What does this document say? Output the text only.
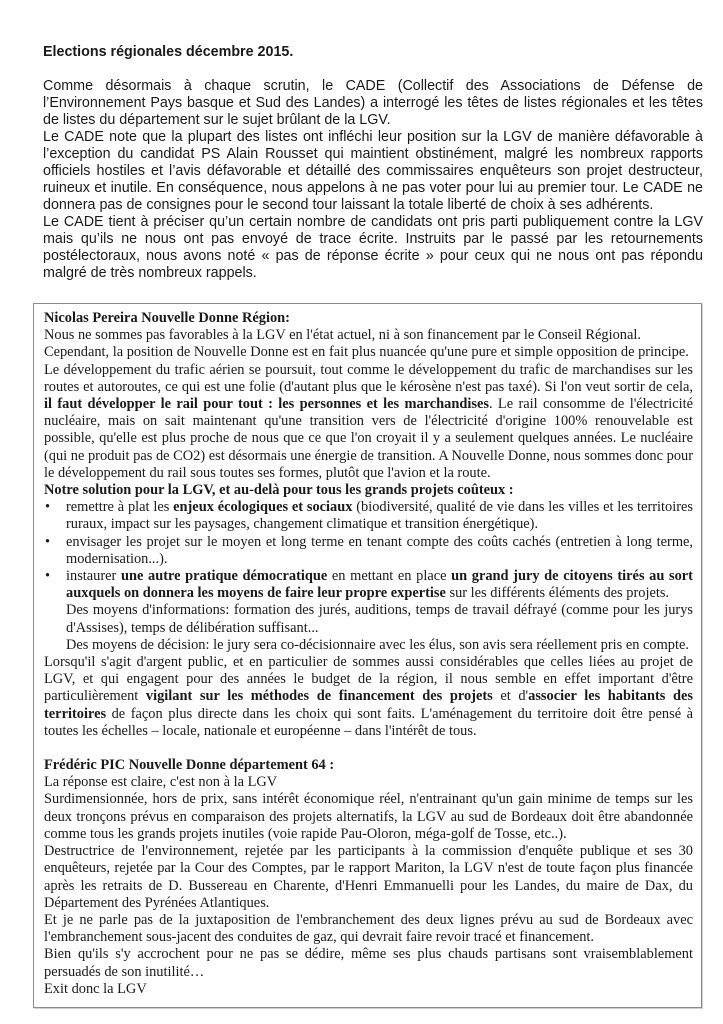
Elections régionales décembre 2015.

Comme désormais à chaque scrutin, le CADE (Collectif des Associations de Défense de l’Environnement Pays basque et Sud des Landes) a interrogé les têtes de listes régionales et les têtes de listes du département sur le sujet brûlant de la LGV.

Le CADE note que la plupart des listes ont infléchi leur position sur la LGV de manière défavorable à l’exception du candidat PS Alain Rousset qui maintient obstinément, malgré les nombreux rapports officiels hostiles et l’avis défavorable et détaillé des commissaires enquêteurs son projet destructeur, ruineux et inutile. En conséquence, nous appelons à ne pas voter pour lui au premier tour. Le CADE ne donnera pas de consignes pour le second tour laissant la totale liberté de choix à ses adhérents.

Le CADE tient à préciser qu’un certain nombre de candidats ont pris parti publiquement contre la LGV mais qu’ils ne nous ont pas envoyé de trace écrite. Instruits par le passé par les retournements postélectoraux, nous avons noté « pas de réponse écrite » pour ceux qui ne nous ont pas répondu malgré de très nombreux rappels.

Nicolas Pereira Nouvelle Donne Région:

Nous ne sommes pas favorables à la LGV en l'état actuel, ni à son financement par le Conseil Régional.

Cependant, la position de Nouvelle Donne est en fait plus nuancée qu'une pure et simple opposition de principe.

Le développement du trafic aérien se poursuit, tout comme le développement du trafic de marchandises sur les routes et autoroutes, ce qui est une folie (d'autant plus que le kérosène n'est pas taxé). Si l'on veut sortir de cela, il faut développer le rail pour tout : les personnes et les marchandises. Le rail consomme de l'électricité nucléaire, mais on sait maintenant qu'une transition vers de l'électricité d'origine 100% renouvelable est possible, qu'elle est plus proche de nous que ce que l'on croyait il y a seulement quelques années. Le nucléaire (qui ne produit pas de CO2) est désormais une énergie de transition. A Nouvelle Donne, nous sommes donc pour le développement du rail sous toutes ses formes, plutôt que l'avion et la route.

Notre solution pour la LGV, et au-delà pour tous les grands projets coûteux :

• remettre à plat les enjeux écologiques et sociaux (biodiversité, qualité de vie dans les villes et les territoires ruraux, impact sur les paysages, changement climatique et transition énergétique).
• envisager les projet sur le moyen et long terme en tenant compte des coûts cachés (entretien à long terme, modernisation...).
• instaurer une autre pratique démocratique en mettant en place un grand jury de citoyens tirés au sort auxquels on donnera les moyens de faire leur propre expertise sur les différents éléments des projets.

Des moyens d'informations: formation des jurés, auditions, temps de travail défrayé (comme pour les jurys d'Assises), temps de délibération suffisant...

Des moyens de décision: le jury sera co-décisionnaire avec les élus, son avis sera réellement pris en compte.

Lorsqu'il s'agit d'argent public, et en particulier de sommes aussi considérables que celles liées au projet de LGV, et qui engagent pour des années le budget de la région, il nous semble en effet important d'être particulièrement vigilant sur les méthodes de financement des projets et d'associer les habitants des territoires de façon plus directe dans les choix qui sont faits. L'aménagement du territoire doit être pensé à toutes les échelles – locale, nationale et européenne – dans l'intérêt de tous.

Frédéric PIC Nouvelle Donne département 64 :

La réponse est claire, c'est non à la LGV

Surdimensionnée, hors de prix, sans intérêt économique réel, n'entrainant qu'un gain minime de temps sur les deux tronçons prévus en comparaison des projets alternatifs, la LGV au sud de Bordeaux doit être abandonnée comme tous les grands projets inutiles (voie rapide Pau-Oloron, méga-golf de Tosse, etc..).

Destructrice de l'environnement, rejetée par les participants à la commission d'enquête publique et ses 30 enquêteurs, rejetée par la Cour des Comptes, par le rapport Mariton, la LGV n'est de toute façon plus financée après les retraits de D. Bussereau en Charente, d'Henri Emmanuelli pour les Landes, du maire de Dax, du Département des Pyrénées Atlantiques.

Et je ne parle pas de la juxtaposition de l'embranchement des deux lignes prévu au sud de Bordeaux avec l'embranchement sous-jacent des conduites de gaz, qui devrait faire revoir tracé et financement.

Bien qu'ils s'y accrochent pour ne pas se dédire, même ses plus chauds partisans sont vraisemblablement persuadés de son inutilité…

Exit donc la LGV
